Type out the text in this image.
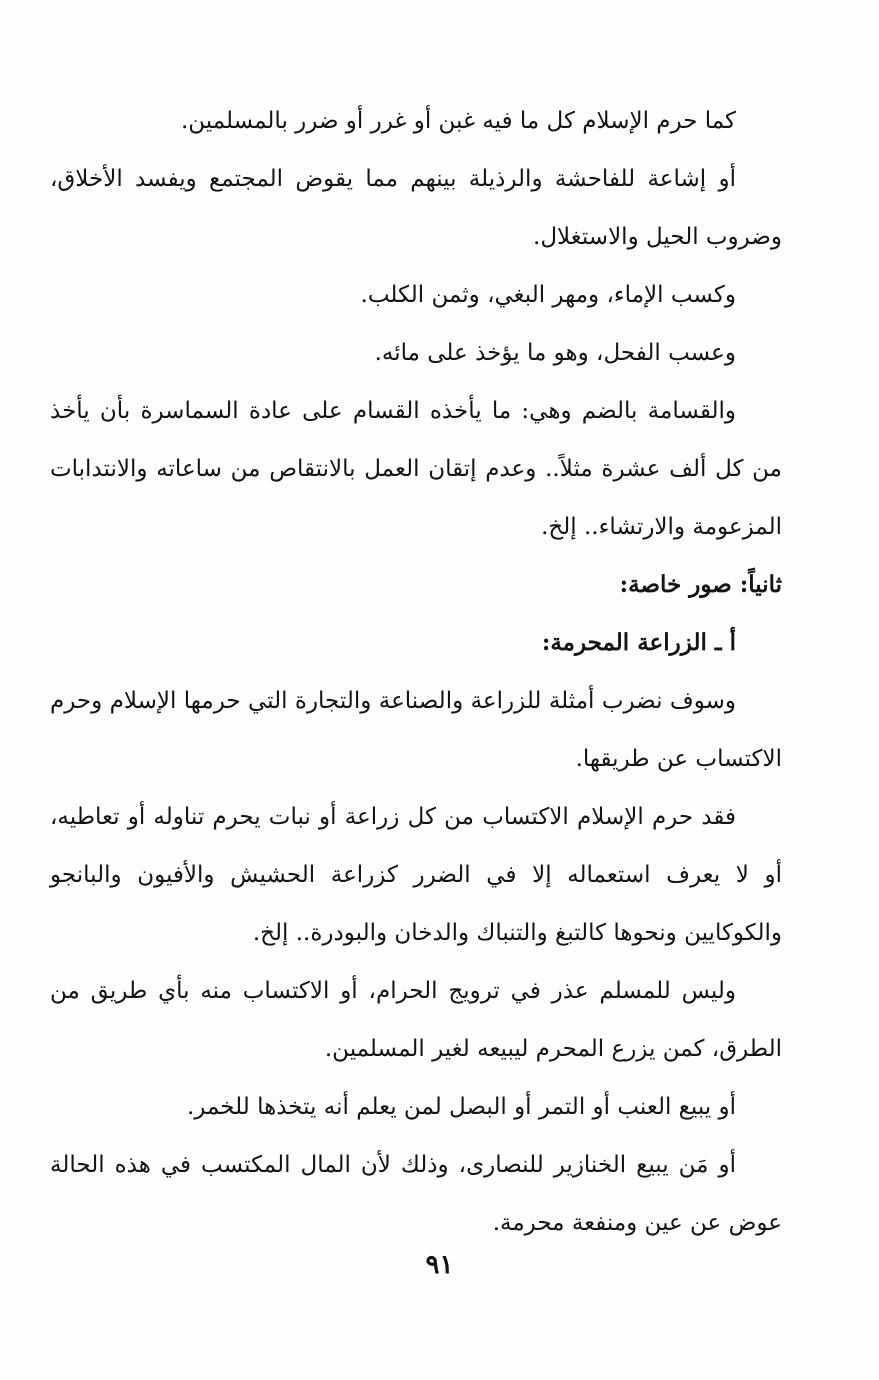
كما حرم الإسلام كل ما فيه غبن أو غرر أو ضرر بالمسلمين.

أو إشاعة للفاحشة والرذيلة بينهم مما يقوض المجتمع ويفسد الأخلاق، وضروب الحيل والاستغلال.

وكسب الإماء، ومهر البغي، وثمن الكلب.

وعسب الفحل، وهو ما يؤخذ على مائه.

والقسامة بالضم وهي: ما يأخذه القسام على عادة السماسرة بأن يأخذ من كل ألف عشرة مثلاً.. وعدم إتقان العمل بالانتقاص من ساعاته والانتدابات المزعومة والارتشاء.. إلخ.

ثانياً: صور خاصة:

أ ـ الزراعة المحرمة:

وسوف نضرب أمثلة للزراعة والصناعة والتجارة التي حرمها الإسلام وحرم الاكتساب عن طريقها.

فقد حرم الإسلام الاكتساب من كل زراعة أو نبات يحرم تناوله أو تعاطيه، أو لا يعرف استعماله إلا في الضرر كزراعة الحشيش والأفيون والبانجو والكوكايين ونحوها كالتبغ والتنباك والدخان والبودرة.. إلخ.

وليس للمسلم عذر في ترويج الحرام، أو الاكتساب منه بأي طريق من الطرق، كمن يزرع المحرم ليبيعه لغير المسلمين.

أو يبيع العنب أو التمر أو البصل لمن يعلم أنه يتخذها للخمر.

أو مَن يبيع الخنازير للنصارى، وذلك لأن المال المكتسب في هذه الحالة عوض عن عين ومنفعة محرمة.

٩١
